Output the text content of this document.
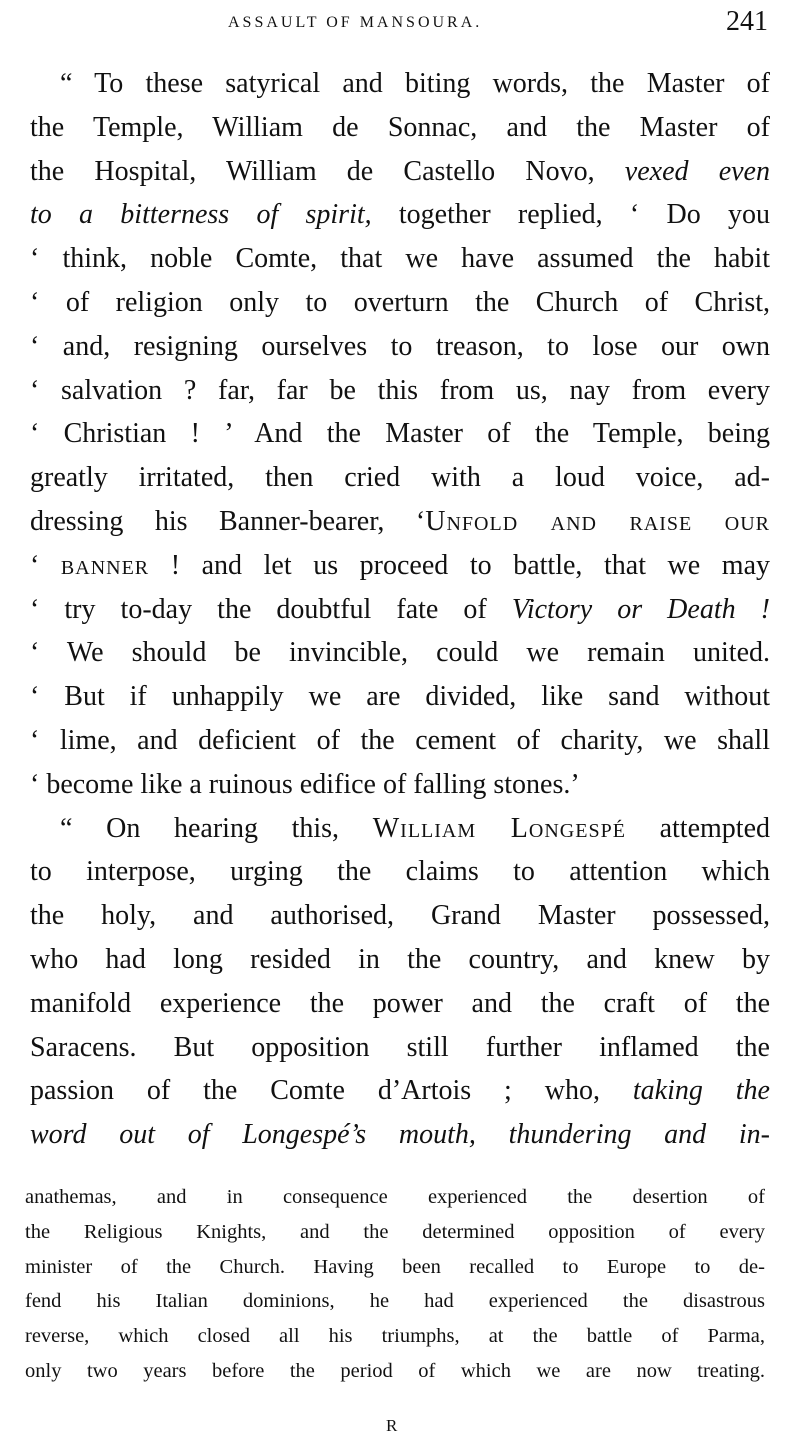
ASSAULT OF MANSOURA.	241
“ To these satyrical and biting words, the Master of
the Temple, William de Sonnac, and the Master of
the Hospital, William de Castello Novo, vexed even
to a bitterness of spirit, together replied, ‘ Do you
‘ think, noble Comte, that we have assumed the habit
‘ of religion only to overturn the Church of Christ,
‘ and, resigning ourselves to treason, to lose our own
‘ salvation ? far, far be this from us, nay from every
‘ Christian ! ’ And the Master of the Temple, being
greatly irritated, then cried with a loud voice, ad-
dressing his Banner-bearer, ‘Unfold and raise our
‘ banner ! and let us proceed to battle, that we may
‘ try to-day the doubtful fate of Victory or Death !
‘ We should be invincible, could we remain united.
‘ But if unhappily we are divided, like sand without
‘ lime, and deficient of the cement of charity, we shall
‘ become like a ruinous edifice of falling stones.’
“ On hearing this, William Longespé attempted
to interpose, urging the claims to attention which
the holy, and authorised, Grand Master possessed,
who had long resided in the country, and knew by
manifold experience the power and the craft of the
Saracens. But opposition still further inflamed the
passion of the Comte d’Artois ; who, taking the
word out of Longespé’s mouth, thundering and in-
anathemas, and in consequence experienced the desertion of
the Religious Knights, and the determined opposition of every
minister of the Church. Having been recalled to Europe to de-
fend his Italian dominions, he had experienced the disastrous
reverse, which closed all his triumphs, at the battle of Parma,
only two years before the period of which we are now treating.
R
